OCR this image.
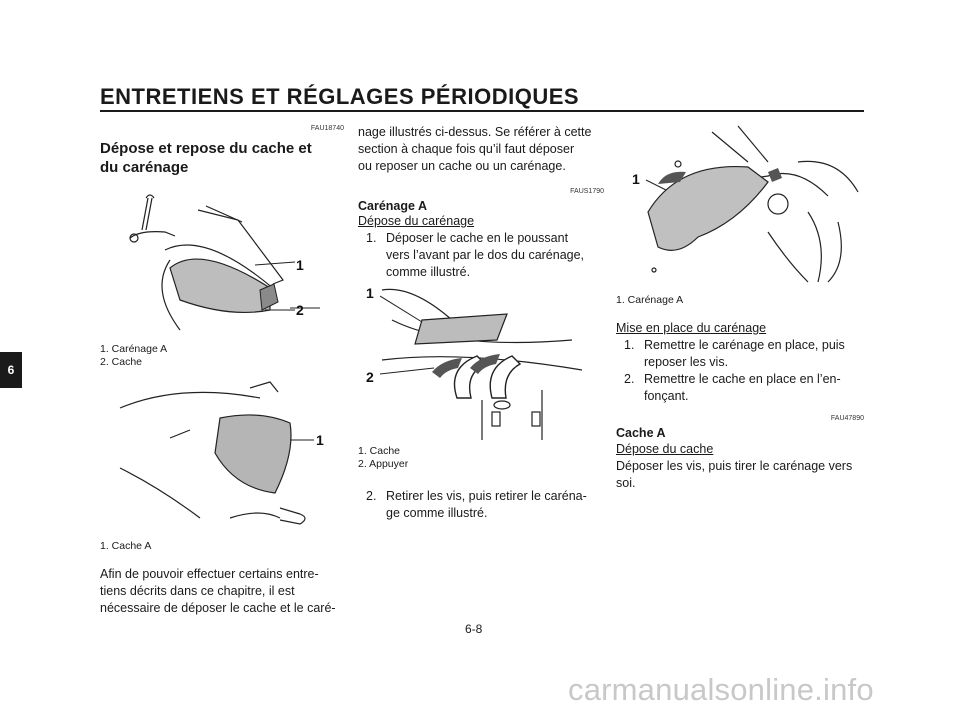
ENTRETIENS ET RÉGLAGES PÉRIODIQUES
6
FAU18740
Dépose et repose du cache et
du carénage
1
2
1. Carénage A
2. Cache
1
1. Cache A
Afin de pouvoir effectuer certains entre-
tiens décrits dans ce chapitre, il est
nécessaire de déposer le cache et le caré-
nage illustrés ci-dessus. Se référer à cette
section à chaque fois qu’il faut déposer
ou reposer un cache ou un carénage.
FAUS1790
Carénage A
Dépose du carénage
1. Déposer le cache en le poussant
vers l’avant par le dos du carénage,
comme illustré.
1
2
1. Cache
2. Appuyer
2. Retirer les vis, puis retirer le caréna-
ge comme illustré.
1
1. Carénage A
Mise en place du carénage
1. Remettre le carénage en place, puis
reposer les vis.
2. Remettre le cache en place en l’en-
fonçant.
FAU47890
Cache A
Dépose du cache
Déposer les vis, puis tirer le carénage vers
soi.
6-8
carmanualsonline.info
